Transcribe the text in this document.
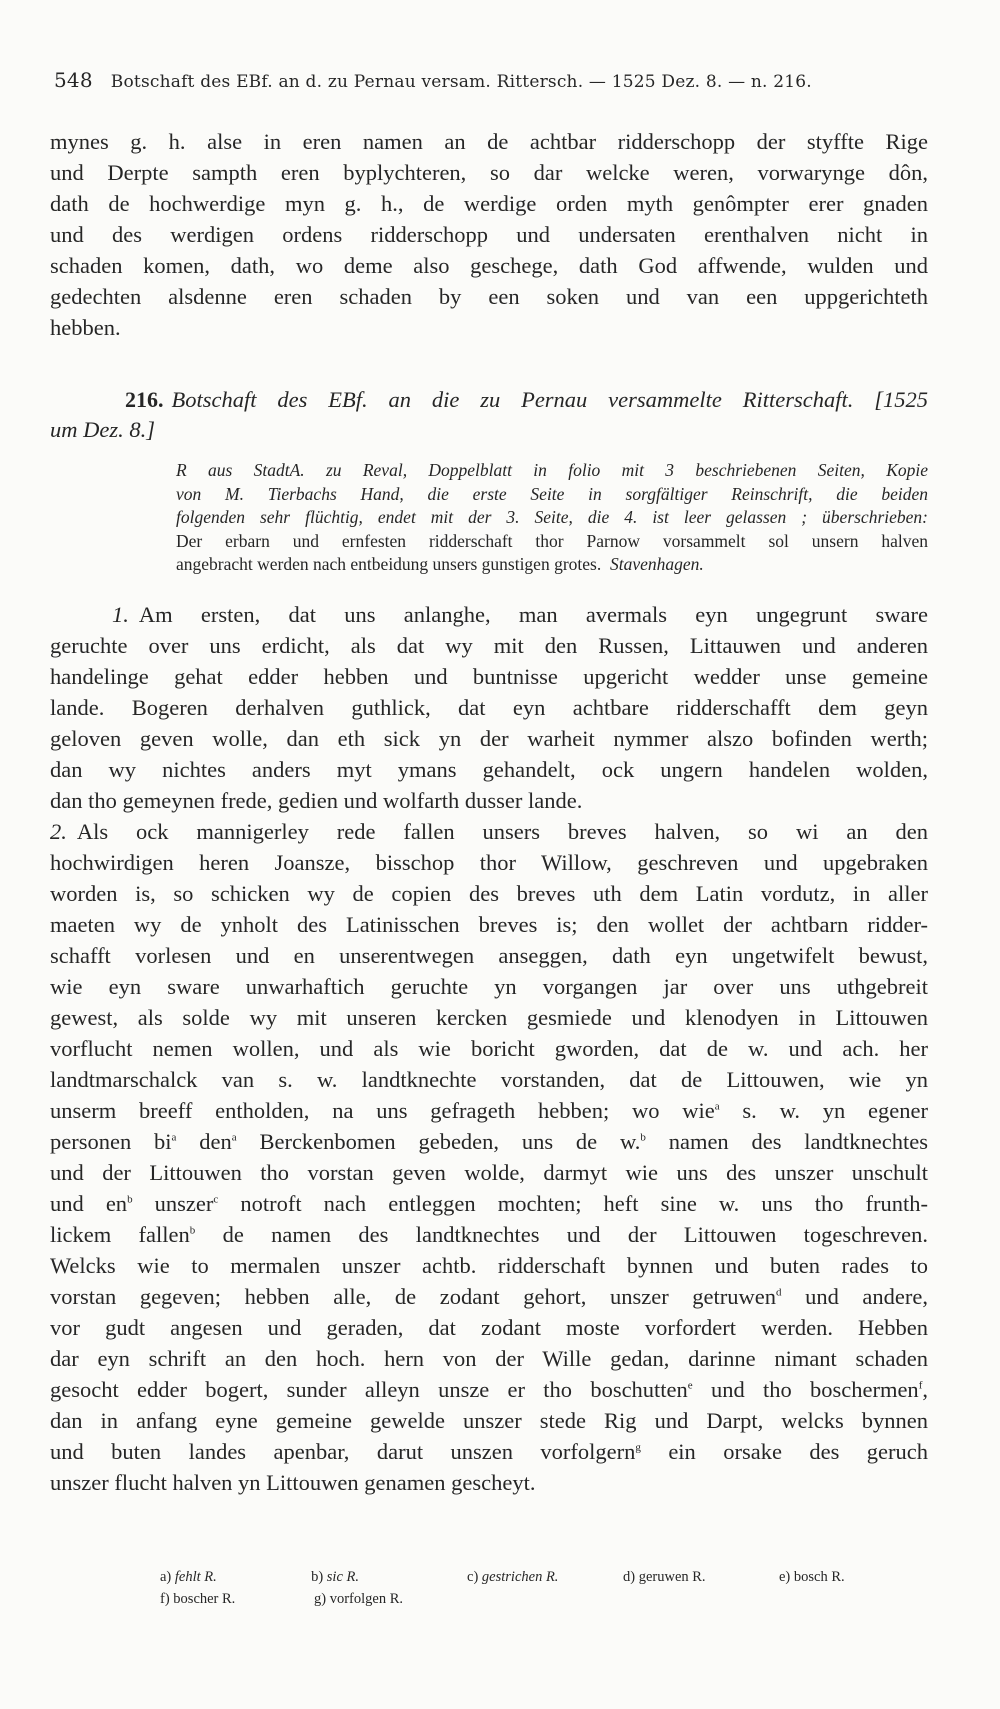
548 Botschaft des EBf. an d. zu Pernau versam. Rittersch. — 1525 Dez. 8. — n. 216.
mynes g. h. alse in eren namen an de achtbar ridderschopp der styffte Rige
und Derpte sampth eren byplychteren, so dar welcke weren, vorwarynge dôn,
dath de hochwerdige myn g. h., de werdige orden myth genômpter erer gnaden
und des werdigen ordens ridderschopp und undersaten erenthalven nicht in
schaden komen, dath, wo deme also geschege, dath God affwende, wulden und
gedechten alsdenne eren schaden by een soken und van een uppgerichteth
hebben.
216. Botschaft des EBf. an die zu Pernau versammelte Ritterschaft. [1525
um Dez. 8.]
R aus StadtA. zu Reval, Doppelblatt in folio mit 3 beschriebenen Seiten, Kopie
von M. Tierbachs Hand, die erste Seite in sorgfältiger Reinschrift, die beiden
folgenden sehr flüchtig, endet mit der 3. Seite, die 4. ist leer gelassen ; überschrieben:
Der erbarn und ernfesten ridderschaft thor Parnow vorsammelt sol unsern halven
angebracht werden nach entbeidung unsers gunstigen grotes. Stavenhagen.
1. Am ersten, dat uns anlanghe, man avermals eyn ungegrunt sware
geruchte over uns erdicht, als dat wy mit den Russen, Littauwen und anderen
handelinge gehat edder hebben und buntnisse upgericht wedder unse gemeine
lande. Bogeren derhalven guthlick, dat eyn achtbare ridderschafft dem geyn
geloven geven wolle, dan eth sick yn der warheit nymmer alszo bofinden werth;
dan wy nichtes anders myt ymans gehandelt, ock ungern handelen wolden,
dan tho gemeynen frede, gedien und wolfarth dusser lande.
2. Als ock mannigerley rede fallen unsers breves halven, so wi an den
hochwirdigen heren Joansze, bisschop thor Willow, geschreven und upgebraken
worden is, so schicken wy de copien des breves uth dem Latin vordutz, in aller
maeten wy de ynholt des Latinisschen breves is; den wollet der achtbarn ridder-
schafft vorlesen und en unserentwegen anseggen, dath eyn ungetwifelt bewust,
wie eyn sware unwarhaftich geruchte yn vorgangen jar over uns uthgebreit
gewest, als solde wy mit unseren kercken gesmiede und klenodyen in Littouwen
vorflucht nemen wollen, und als wie boricht gworden, dat de w. und ach. her
landtmarschalck van s. w. landtknechte vorstanden, dat de Littouwen, wie yn
unserm breeff entholden, na uns gefrageth hebben; wo wie$^a$ s. w. yn egener
personen $bi^a$ den$^a$ Berckenbomen gebeden, uns de w.$^b$ namen des landtknechtes
und der Littouwen tho vorstan geven wolde, darmyt wie uns des unszer unschult
und $en^b$ unszer$^c$ notroft nach entleggen mochten; heft sine w. uns tho frunth-
lickem fallen$^b$ de namen des landtknechtes und der Littouwen togeschreven.
Welcks wie to mermalen unszer achtb. ridderschaft bynnen und buten rades to
vorstan gegeven; hebben alle, de zodant gehort, unszer getruwen$^d$ und andere,
vor gudt angesen und geraden, dat zodant moste vorfordert werden. Hebben
dar eyn schrift an den hoch. hern von der Wille gedan, darinne nimant schaden
gesocht edder bogert, sunder alleyn unsze er tho boschutten$^e$ und tho boschermen$^f$,
dan in anfang eyne gemeine gewelde unszer stede Rig und Darpt, welcks bynnen
und buten landes apenbar, darut unszen vorfolgern$^g$ ein orsake des geruch
unszer flucht halven yn Littouwen genamen gescheyt.
a) fehlt R.	b) sic R.	c) gestrichen R.	d) geruwen R.	e) bosch R.
f) boscher R.	g) vorfolgen R.
